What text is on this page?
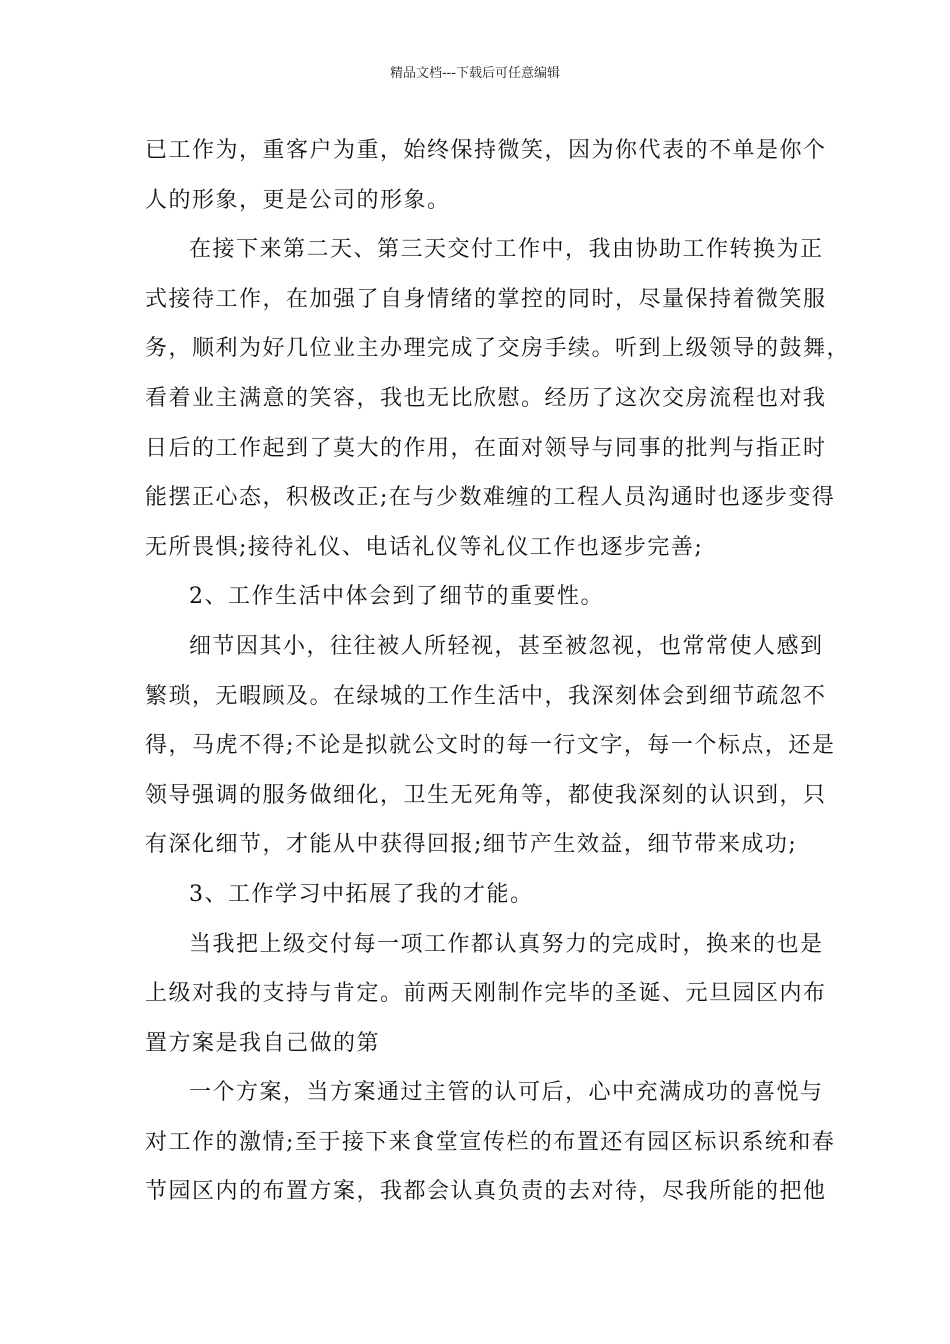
精品文档---下载后可任意编辑
已工作为，重客户为重，始终保持微笑，因为你代表的不单是你个
人的形象，更是公司的形象。
在接下来第二天、第三天交付工作中，我由协助工作转换为正
式接待工作，在加强了自身情绪的掌控的同时，尽量保持着微笑服
务，顺利为好几位业主办理完成了交房手续。听到上级领导的鼓舞，
看着业主满意的笑容，我也无比欣慰。经历了这次交房流程也对我
日后的工作起到了莫大的作用，在面对领导与同事的批判与指正时
能摆正心态，积极改正;在与少数难缠的工程人员沟通时也逐步变得
无所畏惧;接待礼仪、电话礼仪等礼仪工作也逐步完善;
2、工作生活中体会到了细节的重要性。
细节因其小，往往被人所轻视，甚至被忽视，也常常使人感到
繁琐，无暇顾及。在绿城的工作生活中，我深刻体会到细节疏忽不
得，马虎不得;不论是拟就公文时的每一行文字，每一个标点，还是
领导强调的服务做细化，卫生无死角等，都使我深刻的认识到，只
有深化细节，才能从中获得回报;细节产生效益，细节带来成功;
3、工作学习中拓展了我的才能。
当我把上级交付每一项工作都认真努力的完成时，换来的也是
上级对我的支持与肯定。前两天刚制作完毕的圣诞、元旦园区内布
置方案是我自己做的第
一个方案，当方案通过主管的认可后，心中充满成功的喜悦与
对工作的激情;至于接下来食堂宣传栏的布置还有园区标识系统和春
节园区内的布置方案，我都会认真负责的去对待，尽我所能的把他
